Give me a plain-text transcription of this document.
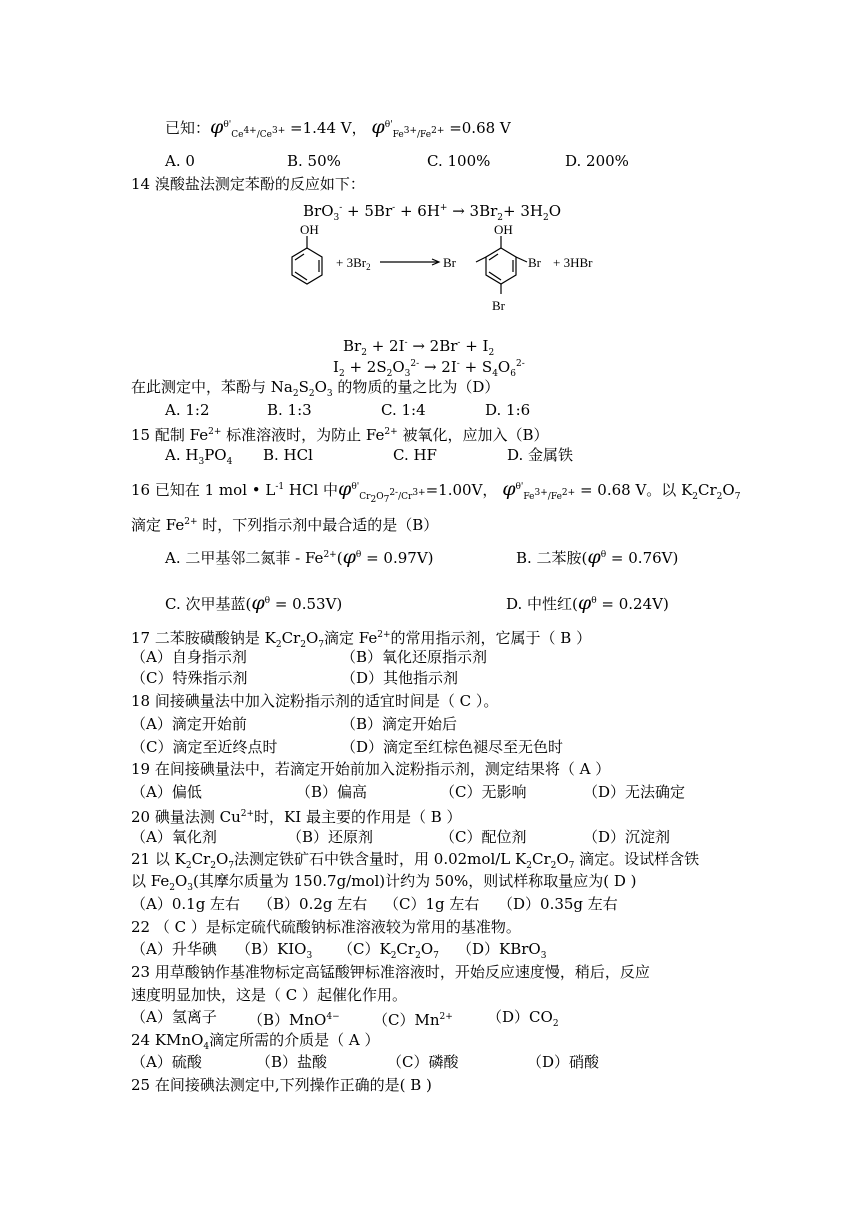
已知：$\varphi^{\theta'}_{Ce^{4+}/Ce^{3+}} =1.44$ V， $\varphi^{\theta'}_{Fe^{3+}/Fe^{2+}} =0.68$ V
A. 0	B. 50%	C. 100%	D. 200%
14 溴酸盐法测定苯酚的反应如下：
$BrO_3^- + 5Br^- + 6H^+ \to 3Br_2+ 3H_2O$
OH
+ $3Br_2$
OH
Br	Br
Br
+ 3HBr
$Br_2 + 2I^- \to 2Br^- + I_2$
$I_2 + 2S_2O_3^{2-} \to 2I^- + S_4O_6^{2-}$
在此测定中，苯酚与 $Na_2S_2O_3$ 的物质的量之比为（D）
A. 1:2	B. 1:3	C. 1:4	D. 1:6
15 配制 $Fe^{2+}$ 标准溶液时，为防止 $Fe^{2+}$ 被氧化，应加入（B）
A. $H_3PO_4$ B. HCl	C. HF	D. 金属铁
16 已知在 1 mol • $L^{-1}$ HCl 中$\varphi^{\theta'}_{Cr_2O_7^{2-}/Cr^{3+}}=1.00V$， $\varphi^{\theta'}_{Fe^{3+}/Fe^{2+}} = 0.68$ V。以 $K_2Cr_2O_7$
滴定 $Fe^{2+}$ 时，下列指示剂中最合适的是（B）
A. 二甲基邻二氮菲 - $Fe^{2+}(\varphi^\theta = 0.97V)$	B. 二苯胺$(\varphi^\theta = 0.76V)$
C. 次甲基蓝$(\varphi^\theta = 0.53V)$	D. 中性红$(\varphi^\theta = 0.24V)$
17 二苯胺磺酸钠是 $K_2Cr_2O_7$滴定 $Fe^{2+}$的常用指示剂，它属于（ B ）
（A）自身指示剂	（B）氧化还原指示剂
（C）特殊指示剂	（D）其他指示剂
18 间接碘量法中加入淀粉指示剂的适宜时间是（ C ）。
（A）滴定开始前	（B）滴定开始后
（C）滴定至近终点时	（D）滴定至红棕色褪尽至无色时
19 在间接碘量法中，若滴定开始前加入淀粉指示剂，测定结果将（ A ）
（A）偏低	（B）偏高	（C）无影响	（D）无法确定
20 碘量法测 $Cu^{2+}$时，KI 最主要的作用是（ B ）
（A）氧化剂	（B）还原剂	（C）配位剂	（D）沉淀剂
21 以 $K_2Cr_2O_7$法测定铁矿石中铁含量时，用 0.02mol/L $K_2Cr_2O_7$ 滴定。设试样含铁
以 $Fe_2O_3$(其摩尔质量为 150.7g/mol)计约为 50%，则试样称取量应为( D )
（A）0.1g 左右 （B）0.2g 左右 （C）1g 左右 （D）0.35g 左右
22 （ C ）是标定硫代硫酸钠标准溶液较为常用的基准物。
（A）升华碘 $(B)KIO_3$ $(C)K_2Cr_2O_7$ （D）KBrO$_3$
23 用草酸钠作基准物标定高锰酸钾标准溶液时，开始反应速度慢，稍后，反应
速度明显加快，这是（ C ）起催化作用。
（A）氢离子 （B）MnO$^{4-}$ $(C)Mn^{2+}$ $(D)CO_2$
24 KMnO$_4$滴定所需的介质是（ A ）
（A）硫酸	（B）盐酸	（C）磷酸	（D）硝酸
25 在间接碘法测定中,下列操作正确的是( B )
